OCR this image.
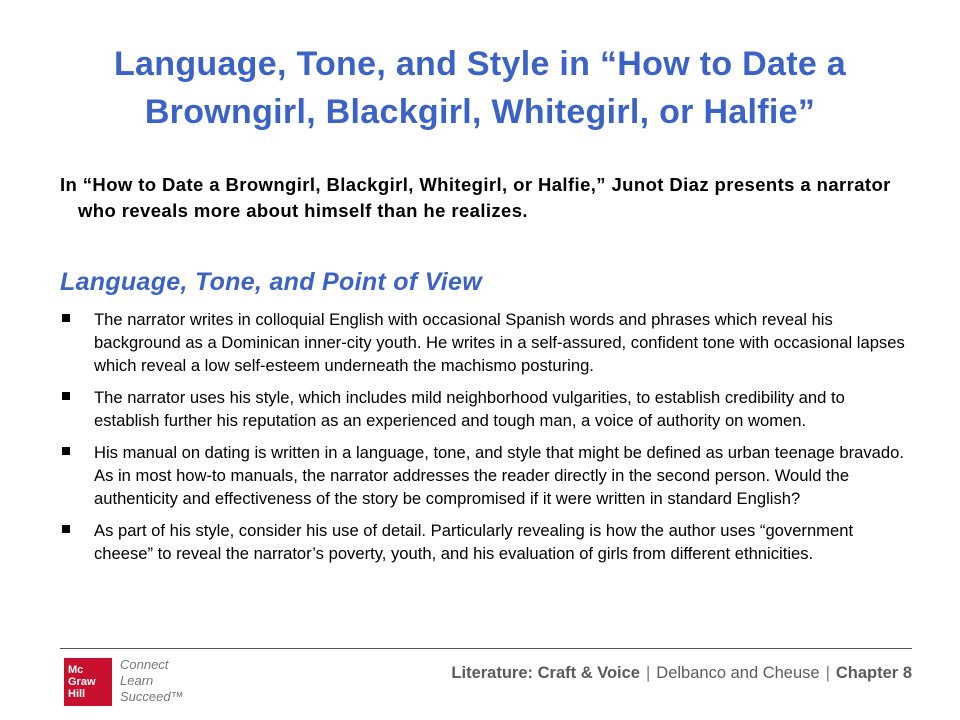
Language, Tone, and Style in “How to Date a
Browngirl, Blackgirl, Whitegirl, or Halfie”
In “How to Date a Browngirl, Blackgirl, Whitegirl, or Halfie,” Junot Diaz presents a narrator who reveals more about himself than he realizes.
Language, Tone, and Point of View
The narrator writes in colloquial English with occasional Spanish words and phrases which reveal his background as a Dominican inner-city youth. He writes in a self-assured, confident tone with occasional lapses which reveal a low self-esteem underneath the machismo posturing.
The narrator uses his style, which includes mild neighborhood vulgarities, to establish credibility and to establish further his reputation as an experienced and tough man, a voice of authority on women.
His manual on dating is written in a language, tone, and style that might be defined as urban teenage bravado. As in most how-to manuals, the narrator addresses the reader directly in the second person. Would the authenticity and effectiveness of the story be compromised if it were written in standard English?
As part of his style, consider his use of detail. Particularly revealing is how the author uses “government cheese” to reveal the narrator’s poverty, youth, and his evaluation of girls from different ethnicities.
Mc
Graw
Hill
Connect
Learn
Succeed™
Literature: Craft & Voice | Delbanco and Cheuse | Chapter 8
